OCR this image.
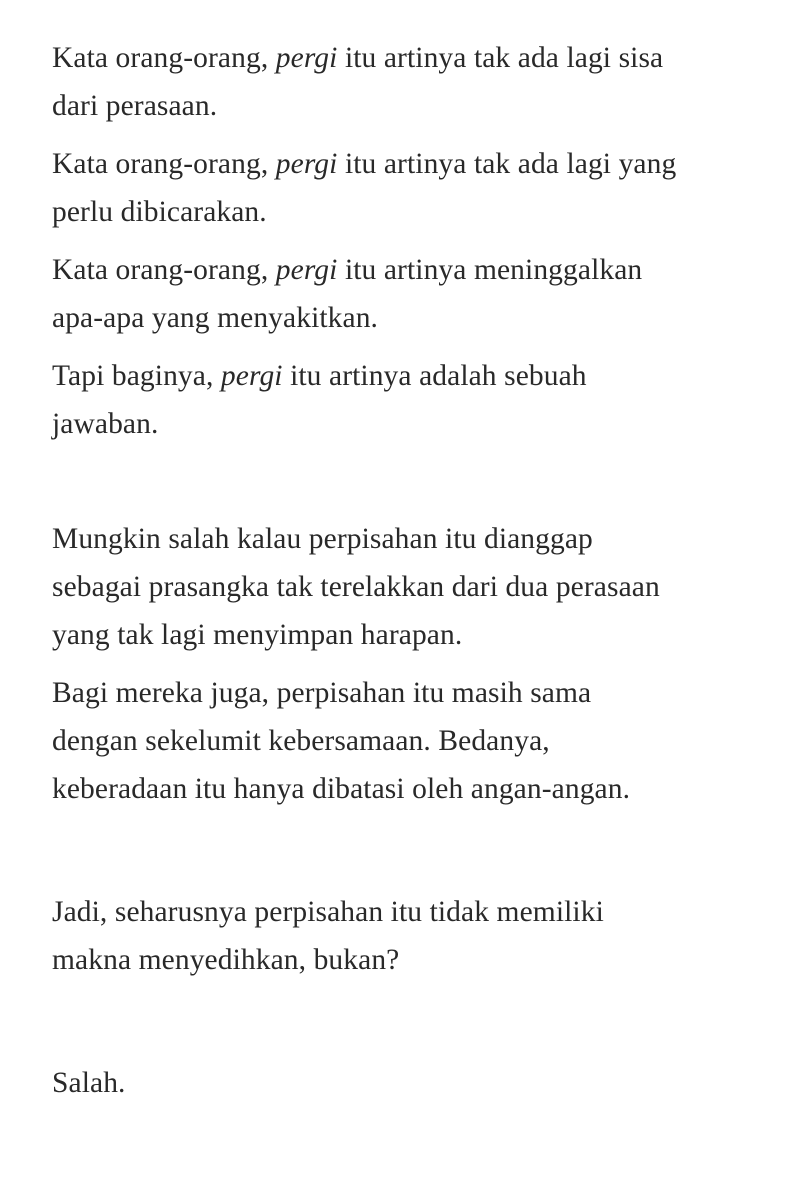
Kata orang-orang, pergi itu artinya tak ada lagi sisa
dari perasaan.

Kata orang-orang, pergi itu artinya tak ada lagi yang
perlu dibicarakan.

Kata orang-orang, pergi itu artinya meninggalkan
apa-apa yang menyakitkan.

Tapi baginya, pergi itu artinya adalah sebuah
jawaban.

Mungkin salah kalau perpisahan itu dianggap
sebagai prasangka tak terelakkan dari dua perasaan
yang tak lagi menyimpan harapan.

Bagi mereka juga, perpisahan itu masih sama
dengan sekelumit kebersamaan. Bedanya,
keberadaan itu hanya dibatasi oleh angan-angan.

Jadi, seharusnya perpisahan itu tidak memiliki
makna menyedihkan, bukan?

Salah.
